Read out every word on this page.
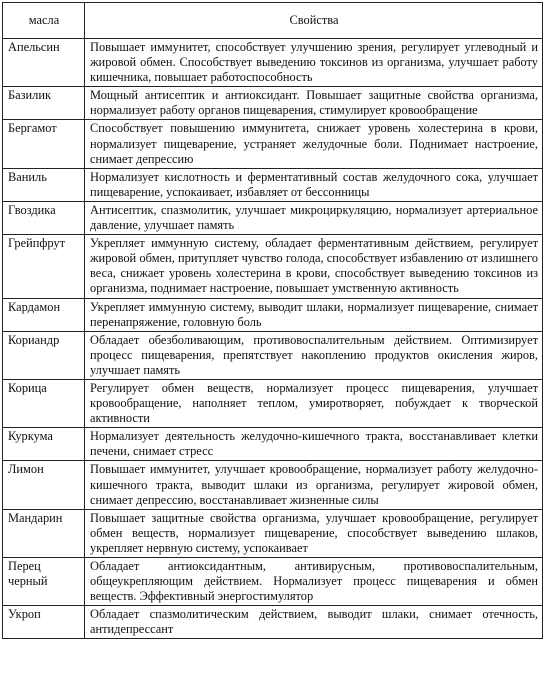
масла	Свойства
Апельсин	Повышает иммунитет, способствует улучшению зрения, регулирует углеводный и жировой обмен. Способствует выведению токсинов из организма, улучшает работу кишечника, повышает работоспособность
Базилик	Мощный антисептик и антиоксидант. Повышает защитные свойства организма, нормализует работу органов пищеварения, стимулирует кровообращение
Бергамот	Способствует повышению иммунитета, снижает уровень холестерина в крови, нормализует пищеварение, устраняет желудочные боли. Поднимает настроение, снимает депрессию
Ваниль	Нормализует кислотность и ферментативный состав желудочного сока, улучшает пищеварение, успокаивает, избавляет от бессонницы
Гвоздика	Антисептик, спазмолитик, улучшает микроциркуляцию, нормализует артериальное давление, улучшает память
Грейпфрут	Укрепляет иммунную систему, обладает ферментативным действием, регулирует жировой обмен, притупляет чувство голода, способствует избавлению от излишнего веса, снижает уровень холестерина в крови, способствует выведению токсинов из организма, поднимает настроение, повышает умственную активность
Кардамон	Укрепляет иммунную систему, выводит шлаки, нормализует пищеварение, снимает перенапряжение, головную боль
Кориандр	Обладает обезболивающим, противовоспалительным действием. Оптимизирует процесс пищеварения, препятствует накоплению продуктов окисления жиров, улучшает память
Корица	Регулирует обмен веществ, нормализует процесс пищеварения, улучшает кровообращение, наполняет теплом, умиротворяет, побуждает к творческой активности
Куркума	Нормализует деятельность желудочно-кишечного тракта, восстанавливает клетки печени, снимает стресс
Лимон	Повышает иммунитет, улучшает кровообращение, нормализует работу желудочно-кишечного тракта, выводит шлаки из организма, регулирует жировой обмен, снимает депрессию, восстанавливает жизненные силы
Мандарин	Повышает защитные свойства организма, улучшает кровообращение, регулирует обмен веществ, нормализует пищеварение, способствует выведению шлаков, укрепляет нервную систему, успокаивает
Перец черный	Обладает антиоксидантным, антивирусным, противовоспалительным, общеукрепляющим действием. Нормализует процесс пищеварения и обмен веществ. Эффективный энергостимулятор
Укроп	Обладает спазмолитическим действием, выводит шлаки, снимает отечность, антидепрессант
